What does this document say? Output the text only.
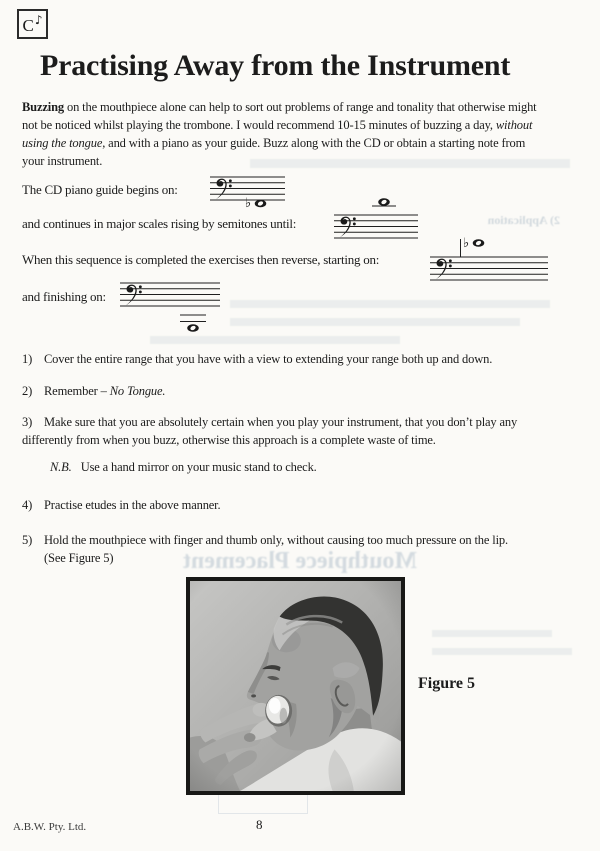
2) Application
Mouthpiece Placement
C ♪
Practising Away from the Instrument
Buzzing on the mouthpiece alone can help to sort out problems of range and tonality that otherwise might
not be noticed whilst playing the trombone. I would recommend 10-15 minutes of buzzing a day, without
using the tongue, and with a piano as your guide. Buzz along with the CD or obtain a starting note from
your instrument.
The CD piano guide begins on:
♭
and continues in major scales rising by semitones until:
When this sequence is completed the exercises then reverse, starting on:
♭
and finishing on:
1) Cover the entire range that you have with a view to extending your range both up and down.
2) Remember – No Tongue.
3) Make sure that you are absolutely certain when you play your instrument, that you don’t play any
differently from when you buzz, otherwise this approach is a complete waste of time.
N.B.  Use a hand mirror on your music stand to check.
4) Practise etudes in the above manner.
5) Hold the mouthpiece with finger and thumb only, without causing too much pressure on the lip.
(See Figure 5)
Figure 5
A.B.W. Pty. Ltd.	8
